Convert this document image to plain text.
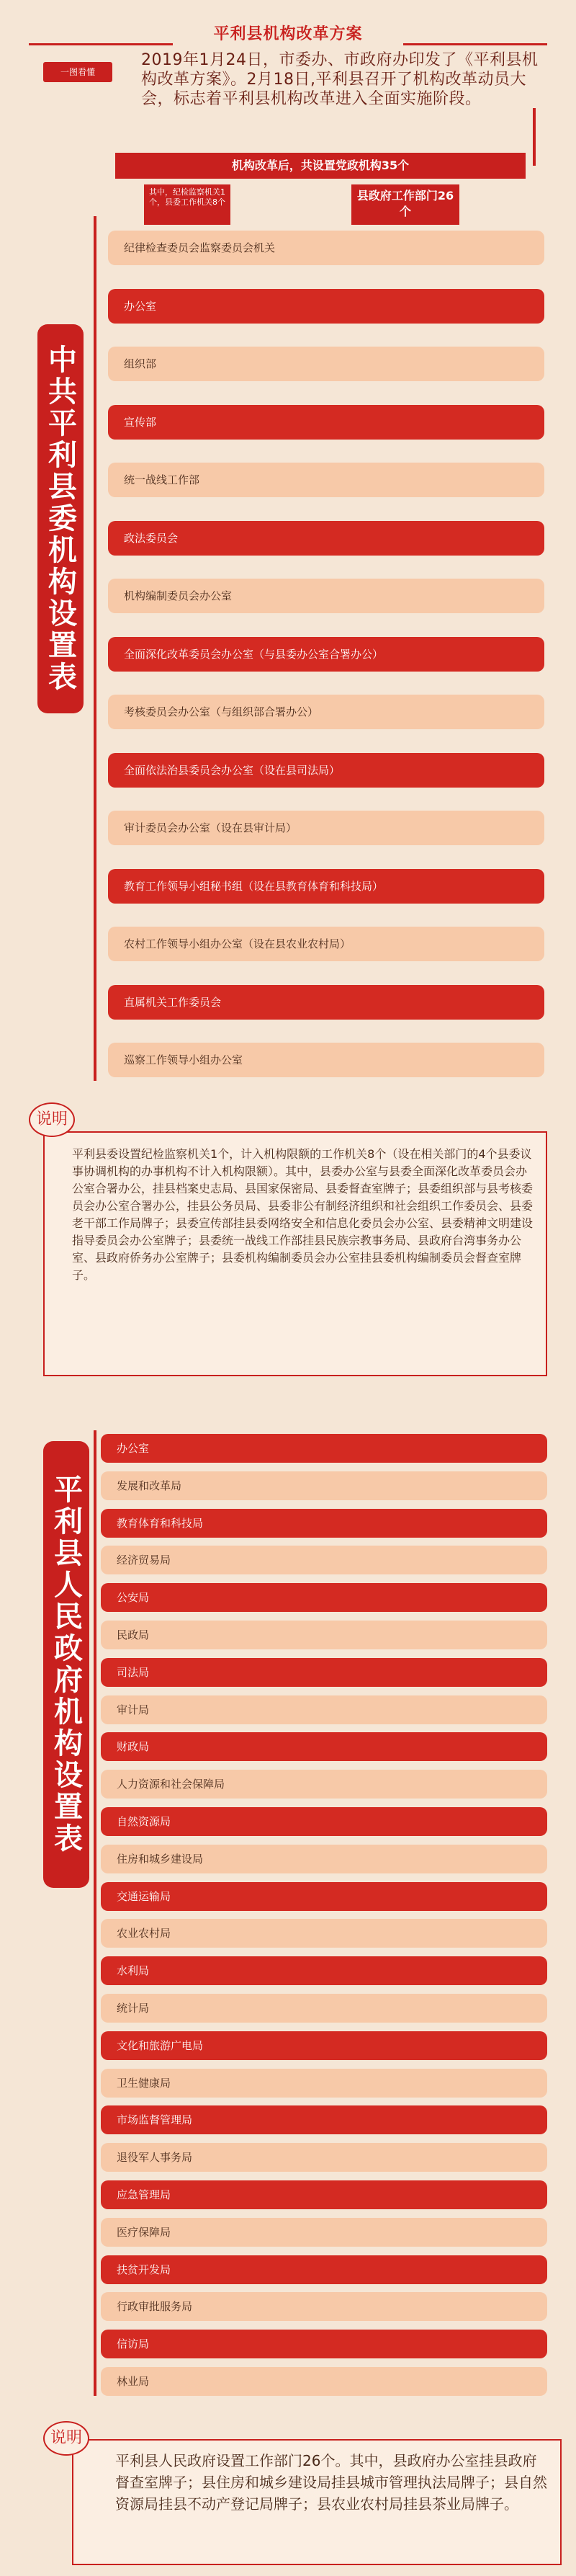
平利县机构改革方案
一图看懂
2019年1月24日，市委办、市政府办印发了《平利县机构改革方案》。2月18日,平利县召开了机构改革动员大会，标志着平利县机构改革进入全面实施阶段。
机构改革后，共设置党政机构35个
其中，纪检监察机关1个，县委工作机关8个	县政府工作部门26个
中共平利县委机构设置表
纪律检查委员会监察委员会机关
办公室
组织部
宣传部
统一战线工作部
政法委员会
机构编制委员会办公室
全面深化改革委员会办公室（与县委办公室合署办公）
考核委员会办公室（与组织部合署办公）
全面依法治县委员会办公室（设在县司法局）
审计委员会办公室（设在县审计局）
教育工作领导小组秘书组（设在县教育体育和科技局）
农村工作领导小组办公室（设在县农业农村局）
直属机关工作委员会
巡察工作领导小组办公室
说明
平利县委设置纪检监察机关1个，计入机构限额的工作机关8个（设在相关部门的4个县委议事协调机构的办事机构不计入机构限额）。其中，县委办公室与县委全面深化改革委员会办公室合署办公，挂县档案史志局、县国家保密局、县委督查室牌子；县委组织部与县考核委员会办公室合署办公，挂县公务员局、县委非公有制经济组织和社会组织工作委员会、县委老干部工作局牌子；县委宣传部挂县委网络安全和信息化委员会办公室、县委精神文明建设指导委员会办公室牌子；县委统一战线工作部挂县民族宗教事务局、县政府台湾事务办公室、县政府侨务办公室牌子；县委机构编制委员会办公室挂县委机构编制委员会督查室牌子。
平利县人民政府机构设置表
办公室
发展和改革局
教育体育和科技局
经济贸易局
公安局
民政局
司法局
审计局
财政局
人力资源和社会保障局
自然资源局
住房和城乡建设局
交通运输局
农业农村局
水利局
统计局
文化和旅游广电局
卫生健康局
市场监督管理局
退役军人事务局
应急管理局
医疗保障局
扶贫开发局
行政审批服务局
信访局
林业局
说明
平利县人民政府设置工作部门26个。其中，县政府办公室挂县政府督查室牌子；县住房和城乡建设局挂县城市管理执法局牌子；县自然资源局挂县不动产登记局牌子；县农业农村局挂县茶业局牌子。
